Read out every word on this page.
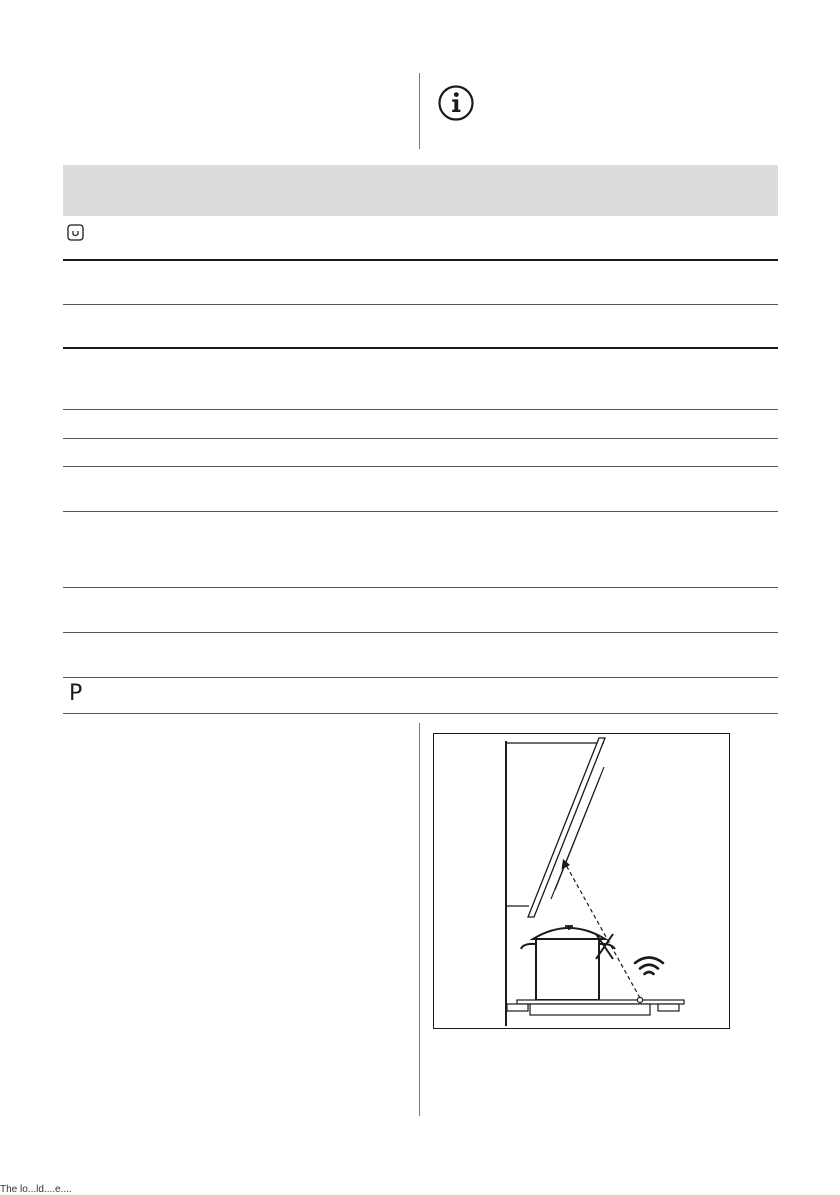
P
The lo...ld....e....
